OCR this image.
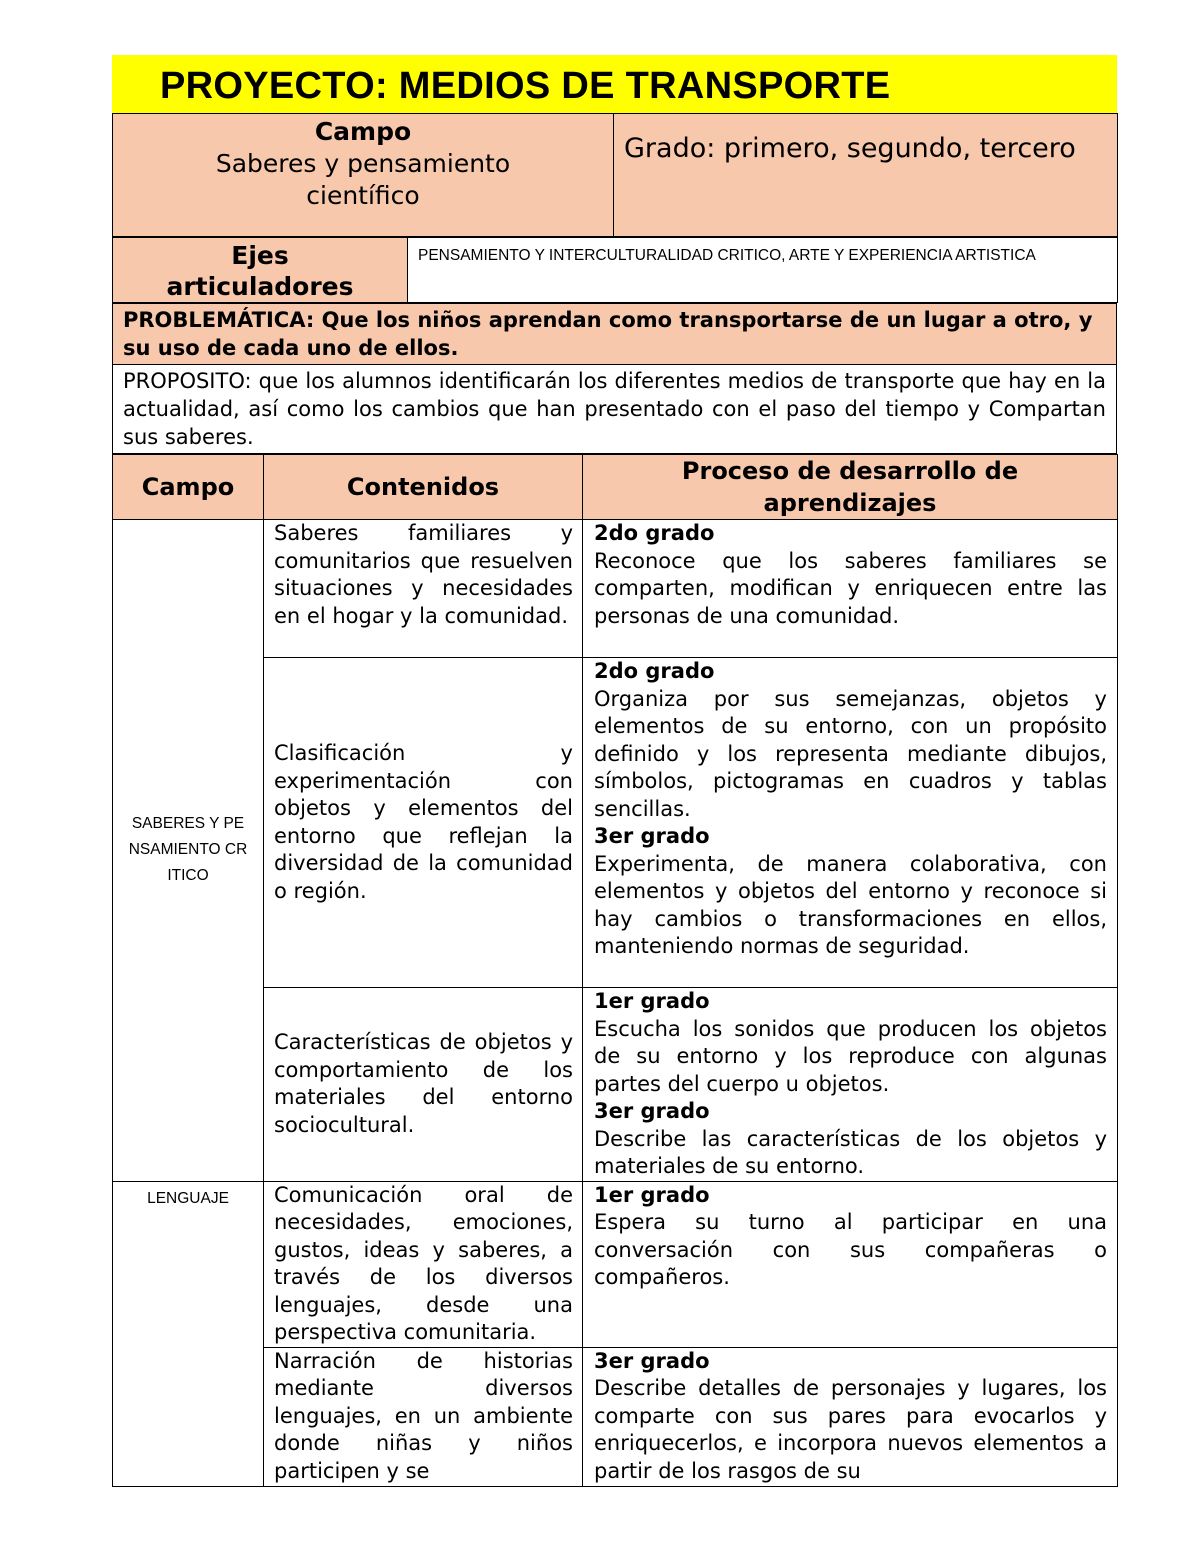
PROYECTO: MEDIOS DE TRANSPORTE
Campo
Saberes y pensamiento científico	Grado: primero, segundo, tercero
Ejes articuladores	PENSAMIENTO Y INTERCULTURALIDAD CRITICO, ARTE Y EXPERIENCIA ARTISTICA
PROBLEMÁTICA: Que los niños aprendan como transportarse de un lugar a otro, y su uso de cada uno de ellos.
PROPOSITO: que los alumnos identificarán los diferentes medios de transporte que hay en la actualidad, así como los cambios que han presentado con el paso del tiempo y Compartan sus saberes.
Campo	Contenidos	Proceso de desarrollo de aprendizajes
SABERES Y PENSAMIENTO CRITICO	Saberes familiares y comunitarios que resuelven situaciones y necesidades en el hogar y la comunidad.	2do grado
Reconoce que los saberes familiares se comparten, modifican y enriquecen entre las personas de una comunidad.

	Clasificación y experimentación con objetos y elementos del entorno que reflejan la diversidad de la comunidad o región.	2do grado
Organiza por sus semejanzas, objetos y elementos de su entorno, con un propósito definido y los representa mediante dibujos, símbolos, pictogramas en cuadros y tablas sencillas.
3er grado
Experimenta, de manera colaborativa, con elementos y objetos del entorno y reconoce si hay cambios o transformaciones en ellos, manteniendo normas de seguridad.

	Características de objetos y comportamiento de los materiales del entorno sociocultural.	1er grado
Escucha los sonidos que producen los objetos de su entorno y los reproduce con algunas partes del cuerpo u objetos.
3er grado
Describe las características de los objetos y materiales de su entorno.

LENGUAJE	Comunicación oral de necesidades, emociones, gustos, ideas y saberes, a través de los diversos lenguajes, desde una perspectiva comunitaria.	1er grado
Espera su turno al participar en una conversación con sus compañeras o compañeros.

	Narración de historias mediante diversos lenguajes, en un ambiente donde niñas y niños participen y se	3er grado
Describe detalles de personajes y lugares, los comparte con sus pares para evocarlos y enriquecerlos, e incorpora nuevos elementos a partir de los rasgos de su
